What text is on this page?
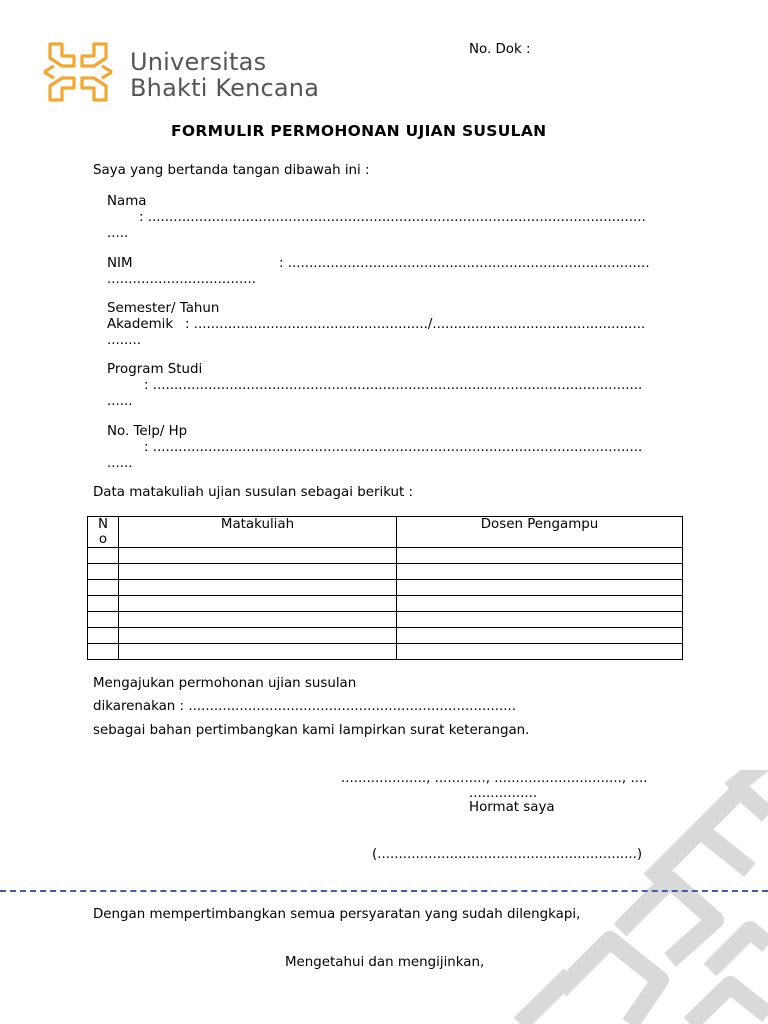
Universitas
Bhakti Kencana
No. Dok :
FORMULIR PERMOHONAN UJIAN SUSULAN
Saya yang bertanda tangan dibawah ini :
Nama
: .....................................................................................................................
.....
NIM	: .....................................................................................
...................................
Semester/ Tahun
Akademik : ......................................................./..................................................
........
Program Studi
: ...................................................................................................................
......
No. Telp/ Hp
: ...................................................................................................................
......
Data matakuliah ujian susulan sebagai berikut :
N
o	Matakuliah	Dosen Pengampu

Mengajukan permohonan ujian susulan
dikarenakan : .............................................................................
sebagai bahan pertimbangkan kami lampirkan surat keterangan.
...................., ............, .............................., ....
................
Hormat saya
(.............................................................)
Dengan mempertimbangkan semua persyaratan yang sudah dilengkapi,
Mengetahui dan mengijinkan,
